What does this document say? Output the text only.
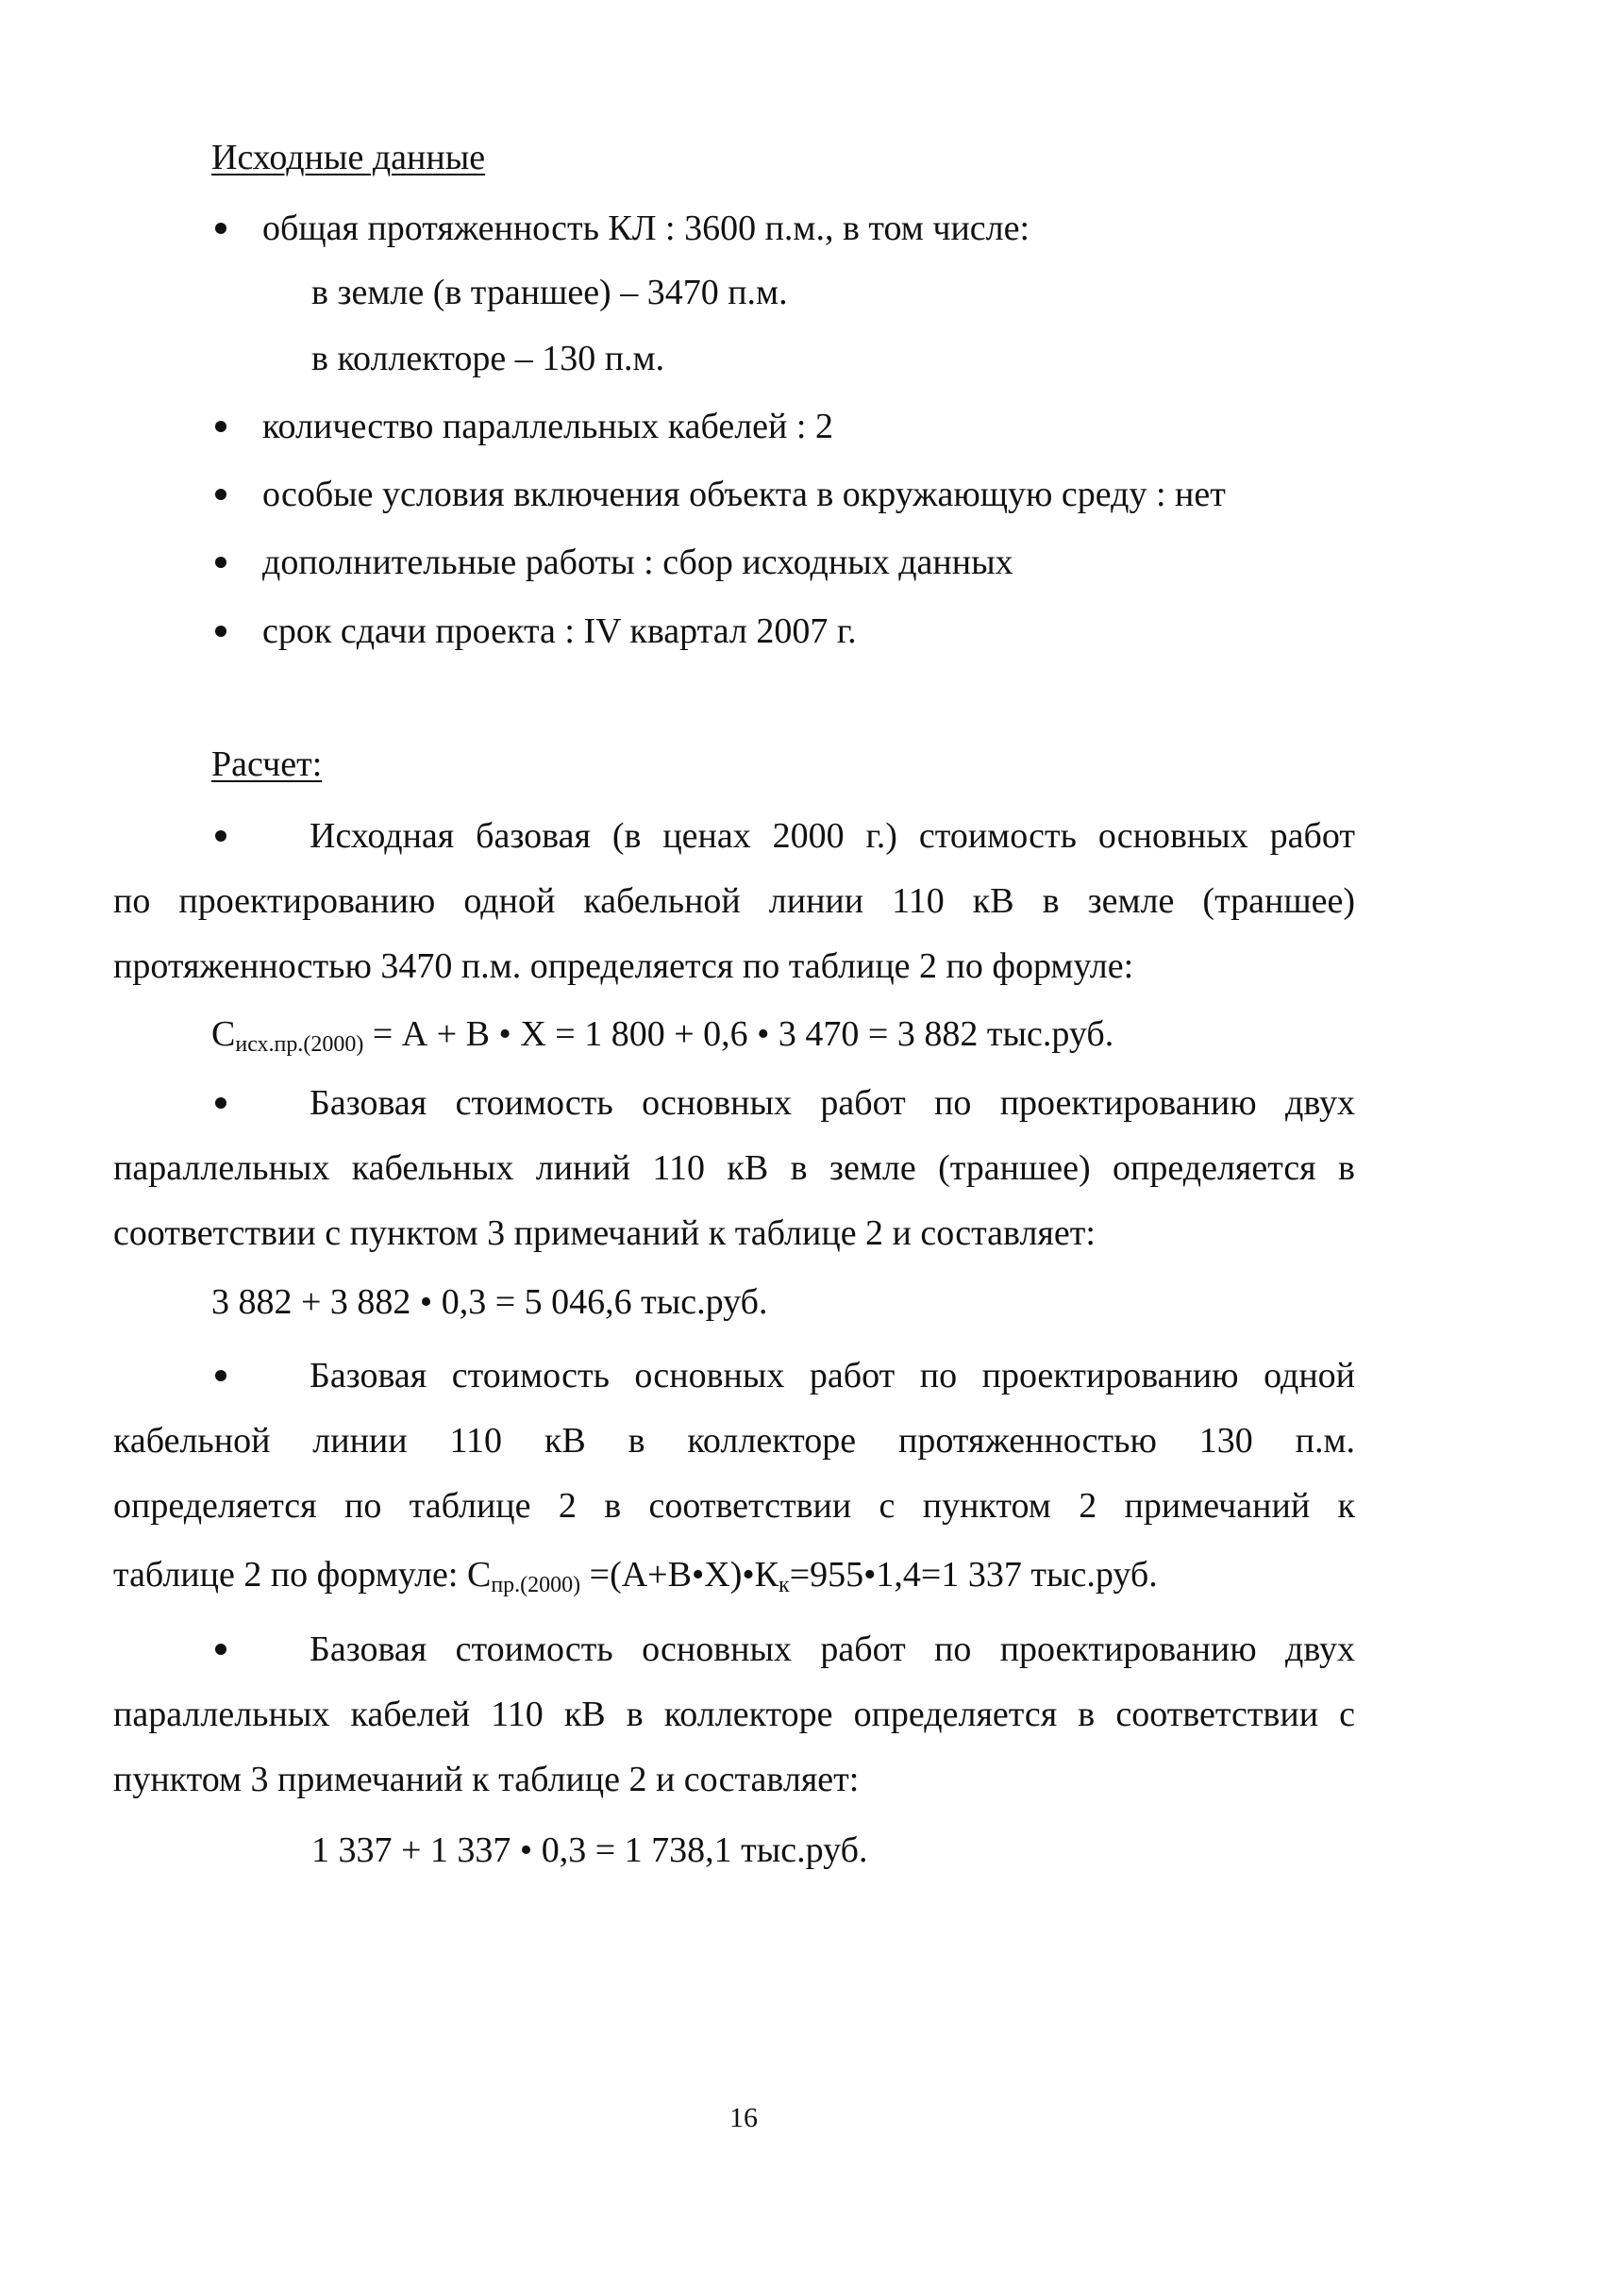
Исходные данные
общая протяженность КЛ : 3600 п.м., в том числе:
в земле (в траншее) – 3470 п.м.
в коллекторе – 130 п.м.
количество параллельных кабелей : 2
особые условия включения объекта в окружающую среду : нет
дополнительные работы : сбор исходных данных
срок сдачи проекта : IV квартал 2007 г.
Расчет:
Исходная базовая (в ценах 2000 г.) стоимость основных работ
по проектированию одной кабельной линии 110 кВ в земле (траншее)
протяженностью 3470 п.м. определяется по таблице 2 по формуле:
$С_{исх.пр.(2000)} = А + В$ • Х = 1 800 + 0,6 • 3 470 = 3 882 тыс.руб.
Базовая стоимость основных работ по проектированию двух
параллельных кабельных линий 110 кВ в земле (траншее) определяется в
соответствии с пунктом 3 примечаний к таблице 2 и составляет:
3 882 + 3 882 • 0,3 = 5 046,6 тыс.руб.
Базовая стоимость основных работ по проектированию одной
кабельной линии 110 кВ в коллекторе протяженностью 130 п.м.
определяется по таблице 2 в соответствии с пунктом 2 примечаний к
таблице 2 по формуле: $С_{пр.(2000)}$ $=(А+В•Х)•К_к=955•1,4=1$ 337 тыс.руб.
Базовая стоимость основных работ по проектированию двух
параллельных кабелей 110 кВ в коллекторе определяется в соответствии с
пунктом 3 примечаний к таблице 2 и составляет:
1 337 + 1 337 • 0,3 = 1 738,1 тыс.руб.
16
